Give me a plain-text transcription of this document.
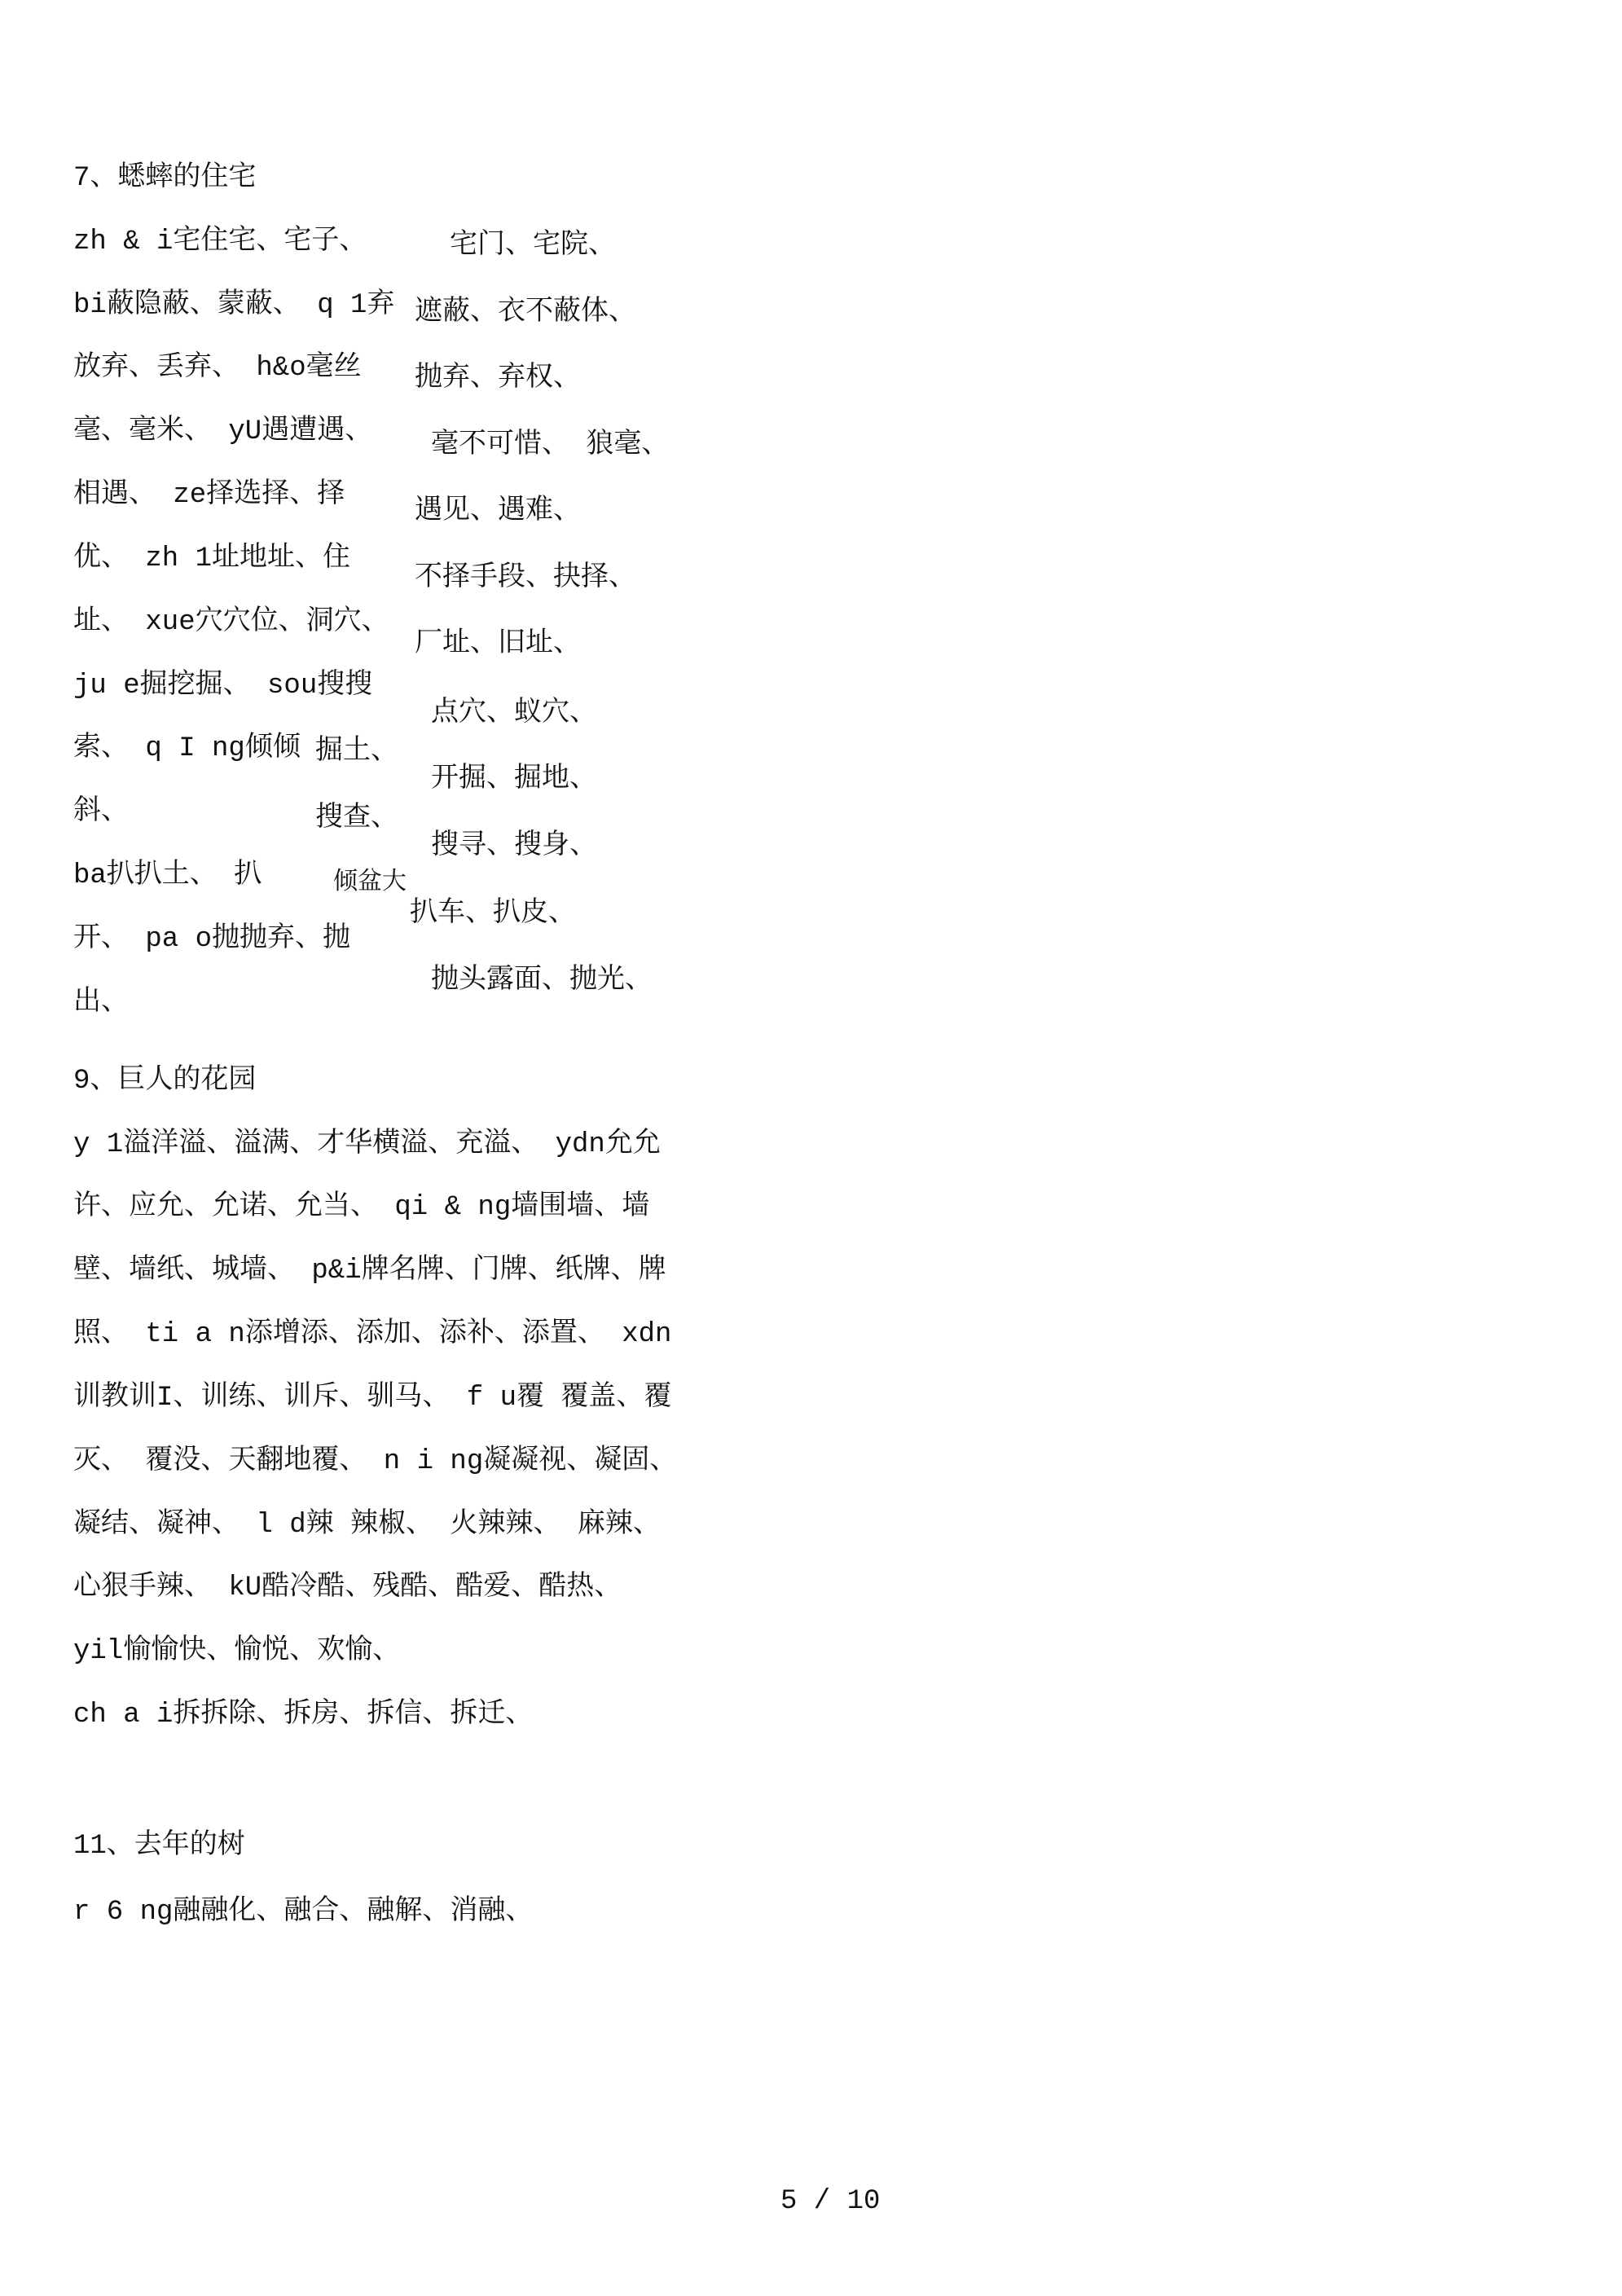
7、蟋蟀的住宅
zh & i宅住宅、宅子、
bi蔽隐蔽、蒙蔽、 q 1弃
放弃、丢弃、 h&o毫丝
毫、毫米、 yU遇遭遇、
相遇、 ze择选择、择
优、 zh 1址地址、住
址、 xue穴穴位、洞穴、
ju e掘挖掘、 sou搜搜
索、 q I ng倾倾
斜、
ba扒扒土、 扒
开、 pa o抛抛弃、抛
出、
掘土、
搜查、
倾盆大
宅门、宅院、
遮蔽、衣不蔽体、
抛弃、弃权、
毫不可惜、 狼毫、
遇见、遇难、
不择手段、抉择、
厂址、旧址、
点穴、蚁穴、
开掘、掘地、
搜寻、搜身、
扒车、扒皮、
抛头露面、抛光、
9、巨人的花园
y 1溢洋溢、溢满、才华横溢、充溢、 ydn允允
许、应允、允诺、允当、 qi & ng墙围墙、墙
壁、墙纸、城墙、 p&i牌名牌、门牌、纸牌、牌
照、 ti a n添增添、添加、添补、添置、 xdn
训教训I、训练、训斥、驯马、 f u覆 覆盖、覆
灭、 覆没、天翻地覆、 n i ng凝凝视、凝固、
凝结、凝神、 l d辣 辣椒、 火辣辣、 麻辣、
心狠手辣、 kU酷冷酷、残酷、酷爱、酷热、
yil愉愉快、愉悦、欢愉、
ch a i拆拆除、拆房、拆信、拆迁、
11、去年的树
r 6 ng融融化、融合、融解、消融、
5 / 10
